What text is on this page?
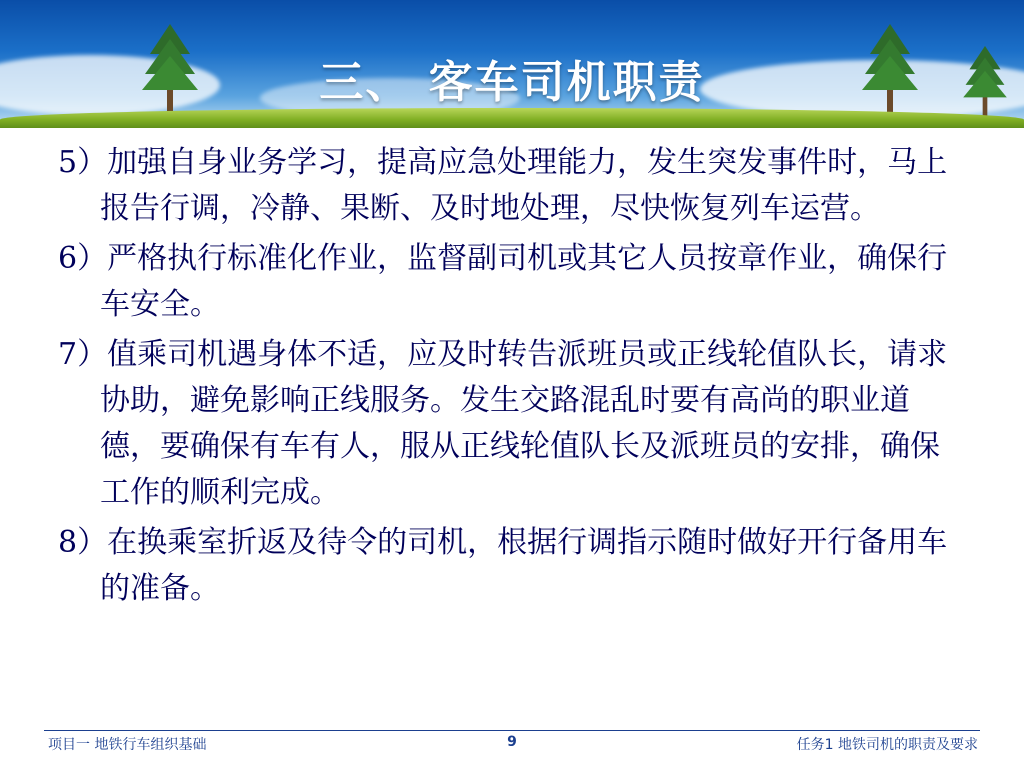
三、 客车司机职责
5）加强自身业务学习，提高应急处理能力，发生突发事件时，马上报告行调，冷静、果断、及时地处理，尽快恢复列车运营。
6）严格执行标准化作业，监督副司机或其它人员按章作业，确保行车安全。
7）值乘司机遇身体不适，应及时转告派班员或正线轮值队长，请求协助，避免影响正线服务。发生交路混乱时要有高尚的职业道德，要确保有车有人，服从正线轮值队长及派班员的安排，确保工作的顺利完成。
8）在换乘室折返及待令的司机，根据行调指示随时做好开行备用车的准备。
项目一 地铁行车组织基础	9	任务1 地铁司机的职责及要求
